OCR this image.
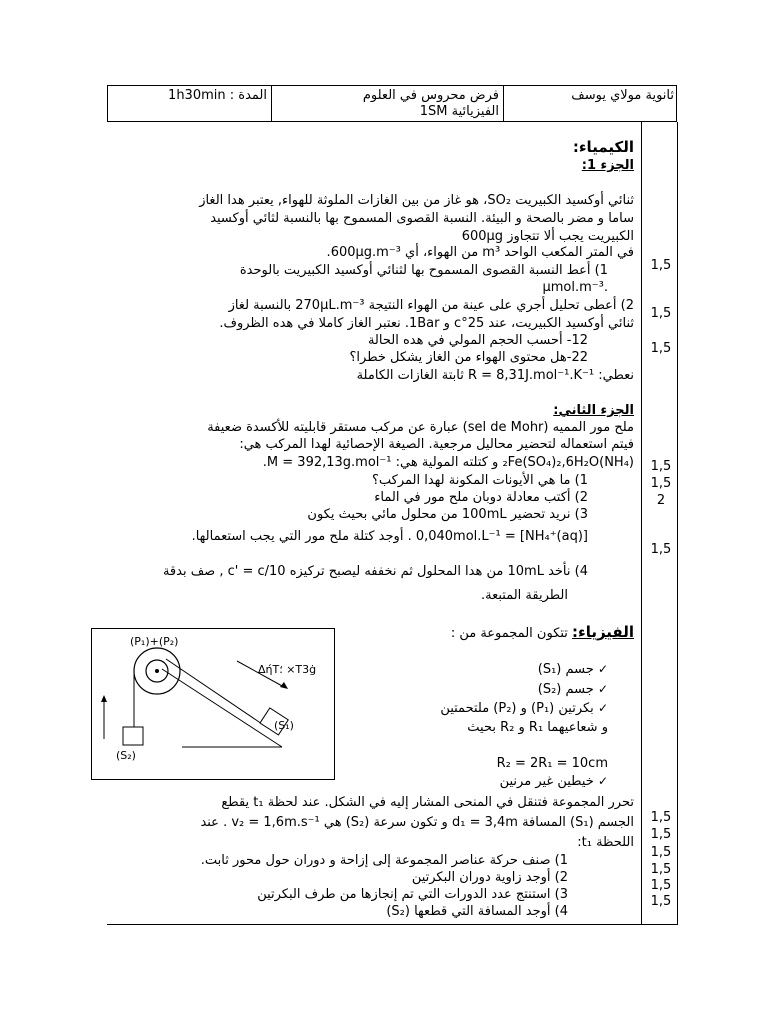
ثانوية مولاي يوسف
فرض محروس في العلوم
الفيزيائية 1SM
المدة : 1h30min
الكيمياء:
الجزء 1:
ثنائي أوكسيد الكبيريت SO₂، هو غاز من بين الغازات الملوثة للهواء, يعتبر هدا الغاز
ساما و مضر بالصحة و البيئة. النسبة القصوى المسموح بها بالنسبة لثائي أوكسيد
الكبيريت يجب ألا تتجاوز 600μg
في المتر المكعب الواحد m³ من الهواء، أي 600μg.m⁻³.
1) أعط النسبة القصوى المسموح بها لثنائي أوكسيد الكبيريت بالوحدة
.μmol.m⁻³
2) أعطى تحليل أجري على عينة من الهواء النتيجة 270μL.m⁻³ بالنسبة لغاز
ثنائي أوكسيد الكبيريت، عند 25°c و 1Bar. نعتبر الغاز كاملا في هده الظروف.
12- أحسب الحجم المولي في هده الحالة
22-هل محتوى الهواء من الغاز يشكل خطرا؟
نعطي: R = 8,31J.mol⁻¹.K⁻¹ ثابتة الغازات الكاملة
الجزء الثاني:
ملح مور المميه (sel de Mohr) عبارة عن مركب مستقر قابليته للأكسدة ضعيفة
فيتم استعماله لتحضير محاليل مرجعية. الصيغة الإحصائية لهدا المركب هي:
(NH₄)₂Fe(SO₄)₂,6H₂O و كتلته المولية هي: M = 392,13g.mol⁻¹.
1) ما هي الأيونات المكونة لهدا المركب؟
2) أكتب معادلة دوبان ملح مور في الماء
3) نريد تحضير 100mL من محلول مائي بحيث يكون
[NH₄⁺(aq)] = 0,040mol.L⁻¹ . أوجد كتلة ملح مور التي يجب استعمالها.
4) نأخد 10mL من هدا المحلول ثم نخففه ليصبح تركيزه c' = c/10 , صف بدقة
الطريقة المتبعة.
الفيزياء: تتكون المجموعة من :
✓ جسم (S₁)
✓ جسم (S₂)
✓ بكرتين (P₁) و (P₂) ملتحمتين
و شعاعيهما R₁ و R₂ بحيث
R₂ = 2R₁ = 10cm
✓ خيطين غير مرنين
تحرر المجموعة فتنقل في المنحى المشار إليه في الشكل. عند لحظة t₁ يقطع
الجسم (S₁) المسافة d₁ = 3,4m و تكون سرعة (S₂) هي v₂ = 1,6m.s⁻¹ . عند
اللحظة t₁:
1) صنف حركة عناصر المجموعة إلى إزاحة و دوران حول محور ثابت.
2) أوجد زاوية دوران البكرتين
3) استنتج عدد الدورات التي تم إنجازها من طرف البكرتين
4) أوجد المسافة التي قطعها (S₂)
(P₁)+(P₂)
(S₁)
(S₂)
ΔήΤ؛ ×Τ3ġ
1,5
1,5
1,5
1,5
1,5
2
1,5
1,5
1,5
1,5
1,5
1,5
1,5
